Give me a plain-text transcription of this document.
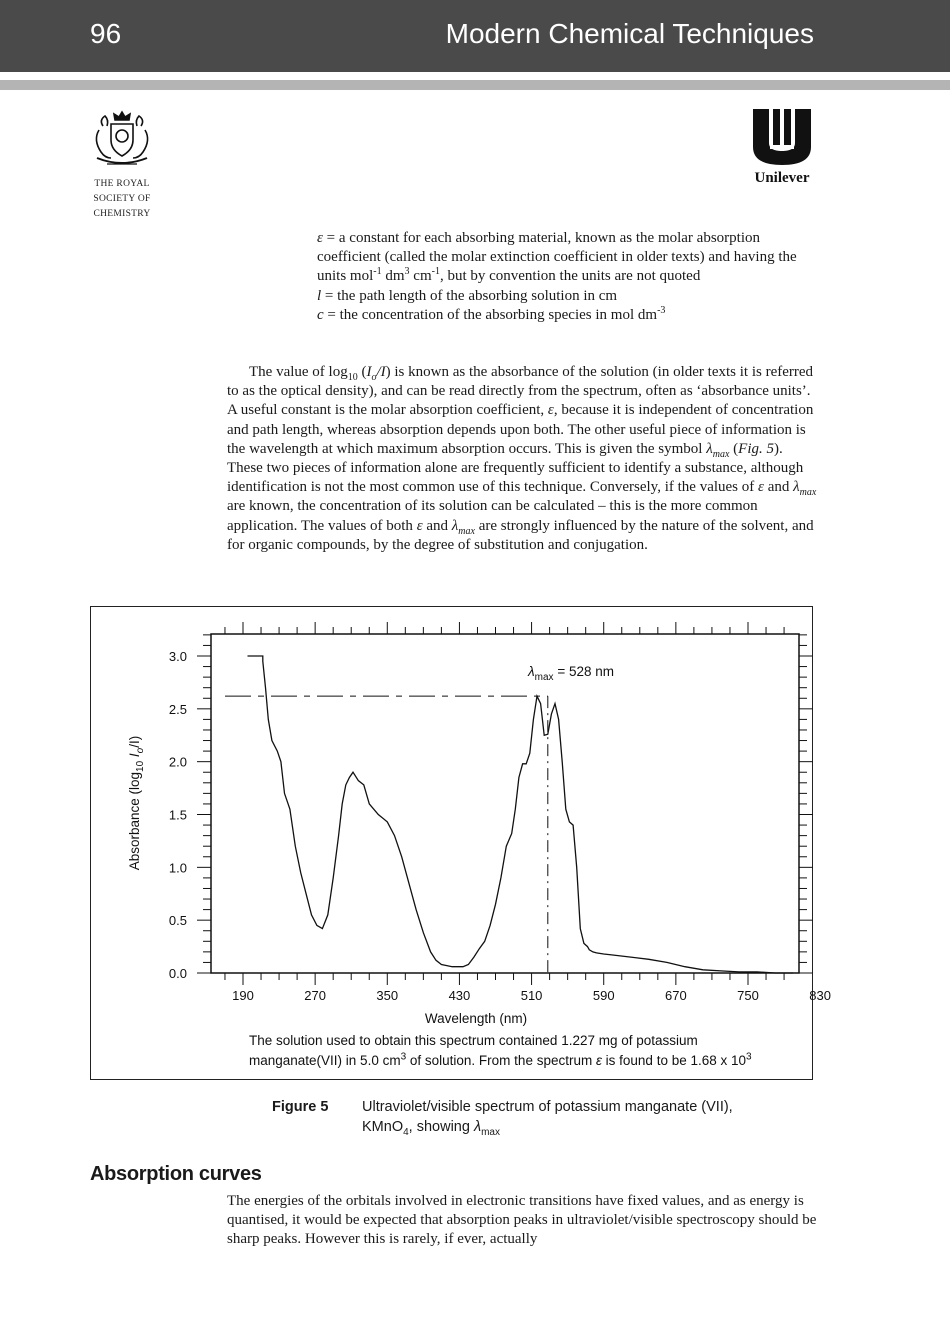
96	Modern Chemical Techniques
THE ROYAL
SOCIETY OF
CHEMISTRY
Unilever

ε = a constant for each absorbing material, known as the molar absorption coefficient (called the molar extinction coefficient in older texts) and having the units mol$^{-1}$ $dm^3$ $cm^{-1}$, but by convention the units are not quoted

l = the path length of the absorbing solution in cm

c = the concentration of the absorbing species in mol $dm^{-3}$

The value of $\log_{10} (I_o/I)$ is known as the absorbance of the solution (in older texts it is referred to as the optical density), and can be read directly from the spectrum, often as ‘absorbance units’. A useful constant is the molar absorption coefficient, ε, because it is independent of concentration and path length, whereas absorption depends upon both. The other useful piece of information is the wavelength at which maximum absorption occurs. This is given the symbol $\lambda_{max}$ (Fig. 5). These two pieces of information alone are frequently sufficient to identify a substance, although identification is not the most common use of this technique. Conversely, if the values of ε and $\lambda_{max}$ are known, the concentration of its solution can be calculated – this is the more common application. The values of both ε and $\lambda_{max}$ are strongly influenced by the nature of the solvent, and for organic compounds, by the degree of substitution and conjugation.

0.0
0.5
1.0
1.5
2.0
2.5
3.0
190	270	350	430	510	590	670	750	830
$\lambda_{max} = 528$ nm
Wavelength (nm)
Absorbance ($\log_{10}$ $I_o/I$)

The solution used to obtain this spectrum contained 1.227 mg of potassium

manganate(VII) in 5.0 $cm^3$ of solution. From the spectrum ε is found to be 1.68 x $10^3$

Figure 5 Ultraviolet/visible spectrum of potassium manganate (VII),

KMnO$_4$, showing $\lambda_{max}$

Absorption curves

The energies of the orbitals involved in electronic transitions have fixed values, and as energy is quantised, it would be expected that absorption peaks in ultraviolet/visible spectroscopy should be sharp peaks. However this is rarely, if ever, actually
